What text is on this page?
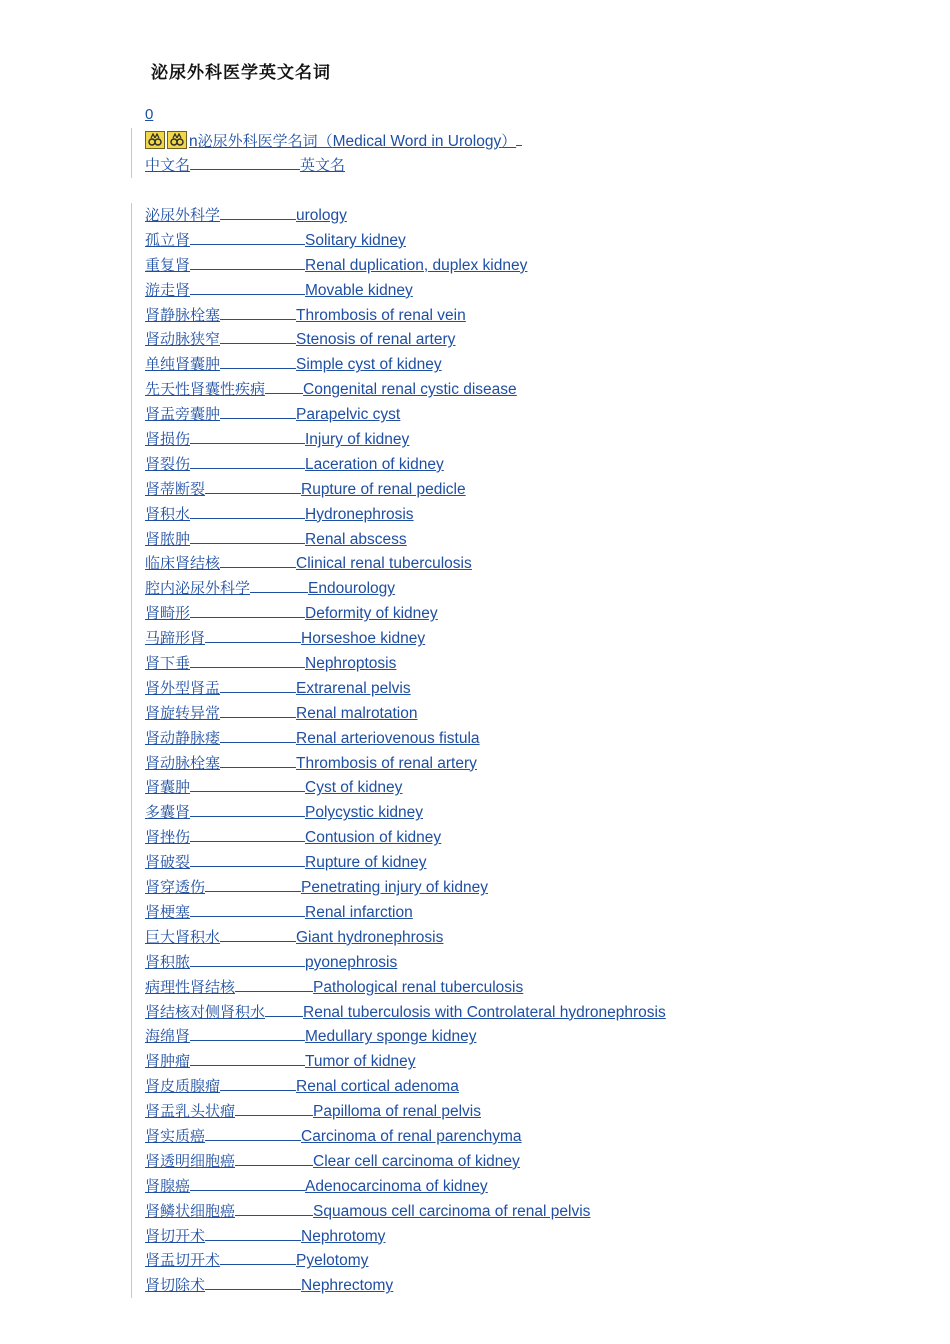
泌尿外科医学英文名词
0
n泌尿外科医学名词（Medical Word in Urology）
中文名	英文名
泌尿外科学	urology
孤立肾	Solitary kidney
重复肾	Renal duplication, duplex kidney
游走肾	Movable kidney
肾静脉栓塞	Thrombosis of renal vein
肾动脉狭窄	Stenosis of renal artery
单纯肾囊肿	Simple cyst of kidney
先天性肾囊性疾病 Congenital renal cystic disease
肾盂旁囊肿	Parapelvic cyst
肾损伤	Injury of kidney
肾裂伤	Laceration of kidney
肾蒂断裂	Rupture of renal pedicle
肾积水	Hydronephrosis
肾脓肿	Renal abscess
临床肾结核	Clinical renal tuberculosis
腔内泌尿外科学	Endourology
肾畸形	Deformity of kidney
马蹄形肾	Horseshoe kidney
肾下垂	Nephroptosis
肾外型肾盂	Extrarenal pelvis
肾旋转异常	Renal malrotation
肾动静脉瘘	Renal arteriovenous fistula
肾动脉栓塞	Thrombosis of renal artery
肾囊肿	Cyst of kidney
多囊肾	Polycystic kidney
肾挫伤	Contusion of kidney
肾破裂	Rupture of kidney
肾穿透伤	Penetrating injury of kidney
肾梗塞	Renal infarction
巨大肾积水	Giant hydronephrosis
肾积脓	pyonephrosis
病理性肾结核	Pathological renal tuberculosis
肾结核对侧肾积水 Renal tuberculosis with Controlateral hydronephrosis
海绵肾	Medullary sponge kidney
肾肿瘤	Tumor of kidney
肾皮质腺瘤	Renal cortical adenoma
肾盂乳头状瘤	Papilloma of renal pelvis
肾实质癌	Carcinoma of renal parenchyma
肾透明细胞癌	Clear cell carcinoma of kidney
肾腺癌	Adenocarcinoma of kidney
肾鳞状细胞癌	Squamous cell carcinoma of renal pelvis
肾切开术	Nephrotomy
肾盂切开术	Pyelotomy
肾切除术	Nephrectomy
